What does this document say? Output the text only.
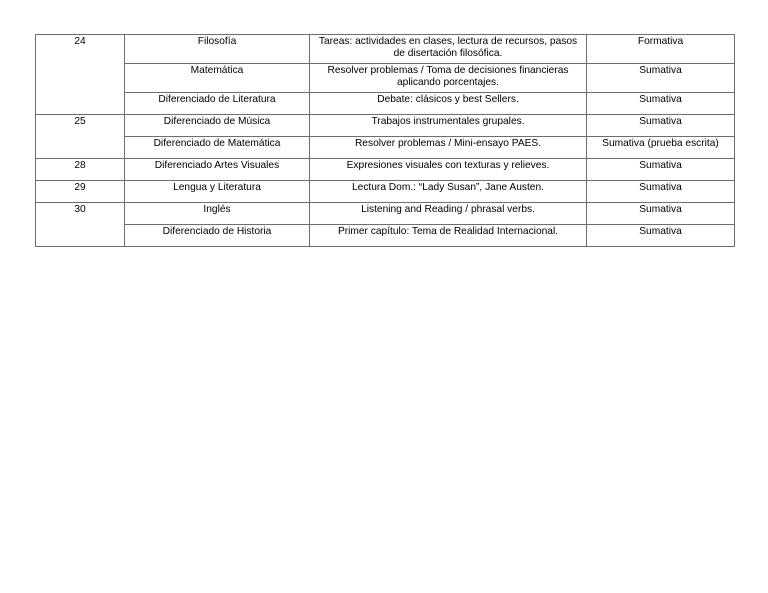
24	Filosofía	Tareas: actividades en clases, lectura de recursos, pasos de disertación filosófica.	Formativa
	Matemática	Resolver problemas / Toma de decisiones financieras aplicando porcentajes.	Sumativa
	Diferenciado de Literatura	Debate: clásicos y best Sellers.	Sumativa
25	Diferenciado de Música	Trabajos instrumentales grupales.	Sumativa
	Diferenciado de Matemática	Resolver problemas / Mini-ensayo PAES.	Sumativa (prueba escrita)
28	Diferenciado Artes Visuales	Expresiones visuales con texturas y relieves.	Sumativa
29	Lengua y Literatura	Lectura Dom.: “Lady Susan”, Jane Austen.	Sumativa
30	Inglés	Listening and Reading / phrasal verbs.	Sumativa
	Diferenciado de Historia	Primer capítulo: Tema de Realidad Internacional.	Sumativa
